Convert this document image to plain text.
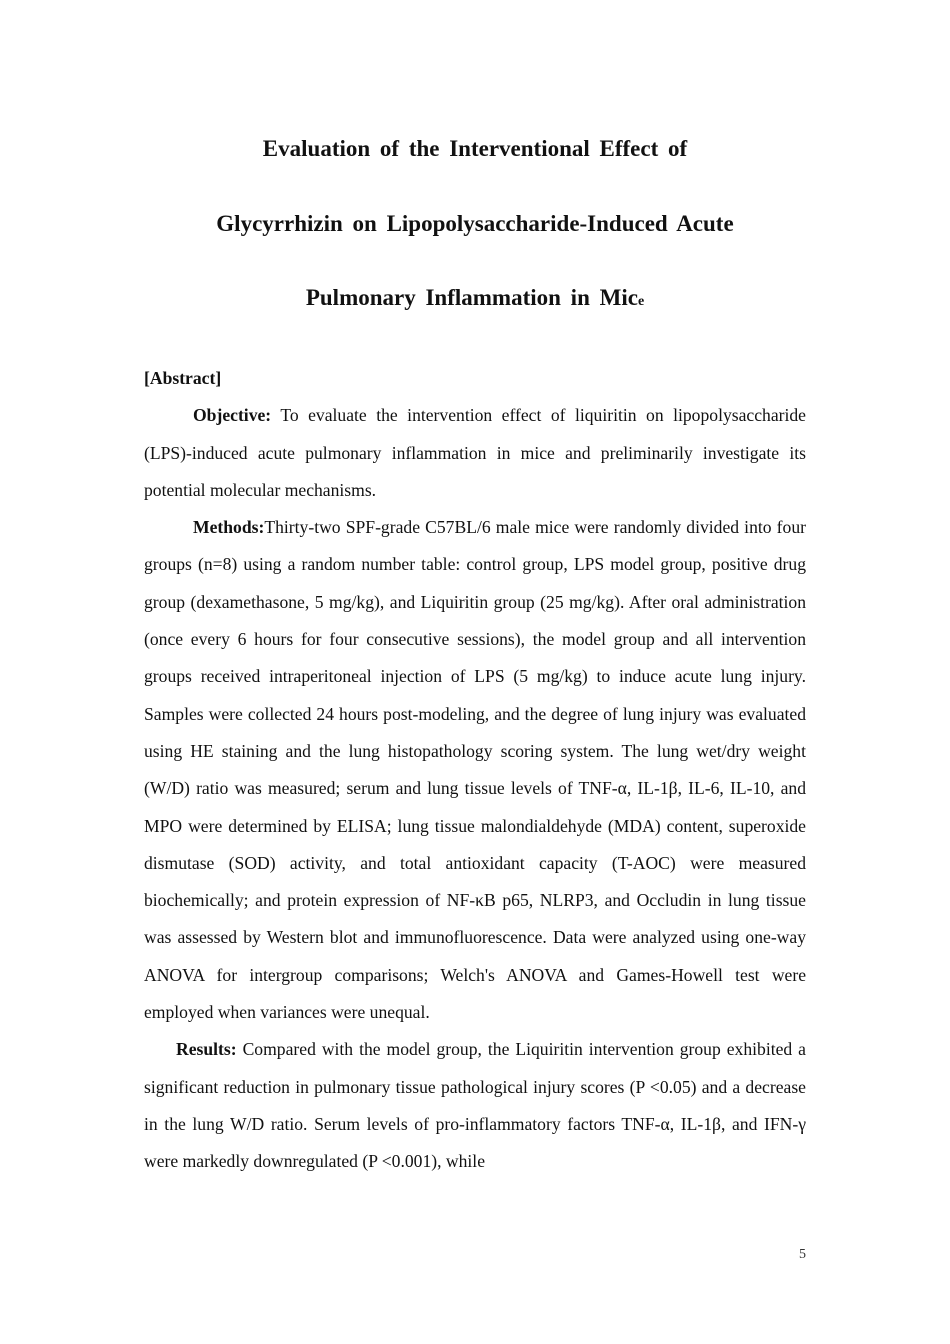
Evaluation of the Interventional Effect of
Glycyrrhizin on Lipopolysaccharide-Induced Acute
Pulmonary Inflammation in Mice

[Abstract]

Objective: To evaluate the intervention effect of liquiritin on lipopolysaccharide (LPS)-induced acute pulmonary inflammation in mice and preliminarily investigate its potential molecular mechanisms.

Methods:Thirty-two SPF-grade C57BL/6 male mice were randomly divided into four groups (n=8) using a random number table: control group, LPS model group, positive drug group (dexamethasone, 5 mg/kg), and Liquiritin group (25 mg/kg). After oral administration (once every 6 hours for four consecutive sessions), the model group and all intervention groups received intraperitoneal injection of LPS (5 mg/kg) to induce acute lung injury. Samples were collected 24 hours post-modeling, and the degree of lung injury was evaluated using HE staining and the lung histopathology scoring system. The lung wet/dry weight (W/D) ratio was measured; serum and lung tissue levels of TNF-α, IL-1β, IL-6, IL-10, and MPO were determined by ELISA; lung tissue malondialdehyde (MDA) content, superoxide dismutase (SOD) activity, and total antioxidant capacity (T-AOC) were measured biochemically; and protein expression of NF-κB p65, NLRP3, and Occludin in lung tissue was assessed by Western blot and immunofluorescence. Data were analyzed using one-way ANOVA for intergroup comparisons; Welch's ANOVA and Games-Howell test were employed when variances were unequal.

Results: Compared with the model group, the Liquiritin intervention group exhibited a significant reduction in pulmonary tissue pathological injury scores (P <0.05) and a decrease in the lung W/D ratio. Serum levels of pro-inflammatory factors TNF-α, IL-1β, and IFN-γ were markedly downregulated (P <0.001), while

5
